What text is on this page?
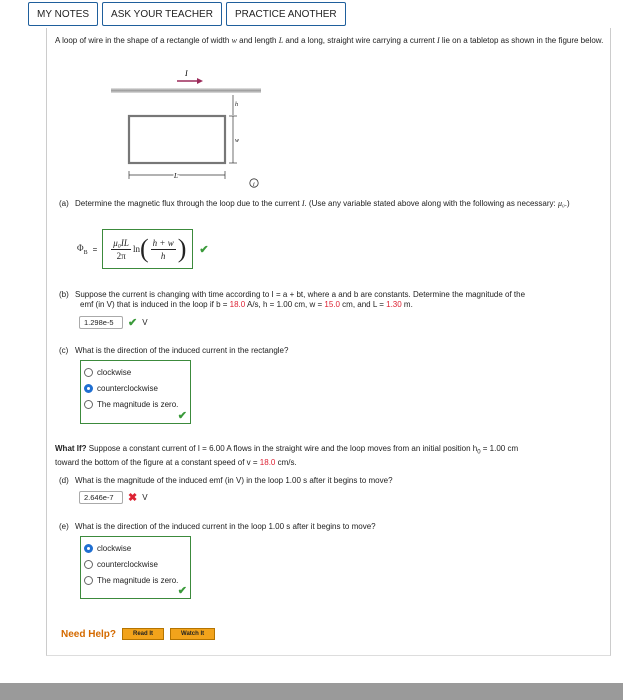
MY NOTES	ASK YOUR TEACHER	PRACTICE ANOTHER
A loop of wire in the shape of a rectangle of width w and length L and a long, straight wire carrying a current I lie on a tabletop as shown in the figure below.
I
h
w
L
i
(a) Determine the magnetic flux through the loop due to the current I. (Use any variable stated above along with the following as necessary: μ₀.)
$\Phi_B = \frac{\text{μ₀IL}}{2\pi}$ ln ( $\frac{h + w}{h}$ ) ✔
(b) Suppose the current is changing with time according to I = a + bt, where a and b are constants. Determine the magnitude of the
emf (in V) that is induced in the loop if b = 18.0 A/s, h = 1.00 cm, w = 15.0 cm, and L = 1.30 m.
1.298e-5	✔ V
(c) What is the direction of the induced current in the rectangle?
clockwise
counterclockwise
The magnitude is zero.
✔
What If? Suppose a constant current of I = 6.00 A flows in the straight wire and the loop moves from an initial position $h_0 = 1.00$ cm
toward the bottom of the figure at a constant speed of v = 18.0 cm/s.
(d) What is the magnitude of the induced emf (in V) in the loop 1.00 s after it begins to move?
2.646e-7	✖ V
(e) What is the direction of the induced current in the loop 1.00 s after it begins to move?
clockwise
counterclockwise
The magnitude is zero.
✔
Need Help?	Read It	Watch It
